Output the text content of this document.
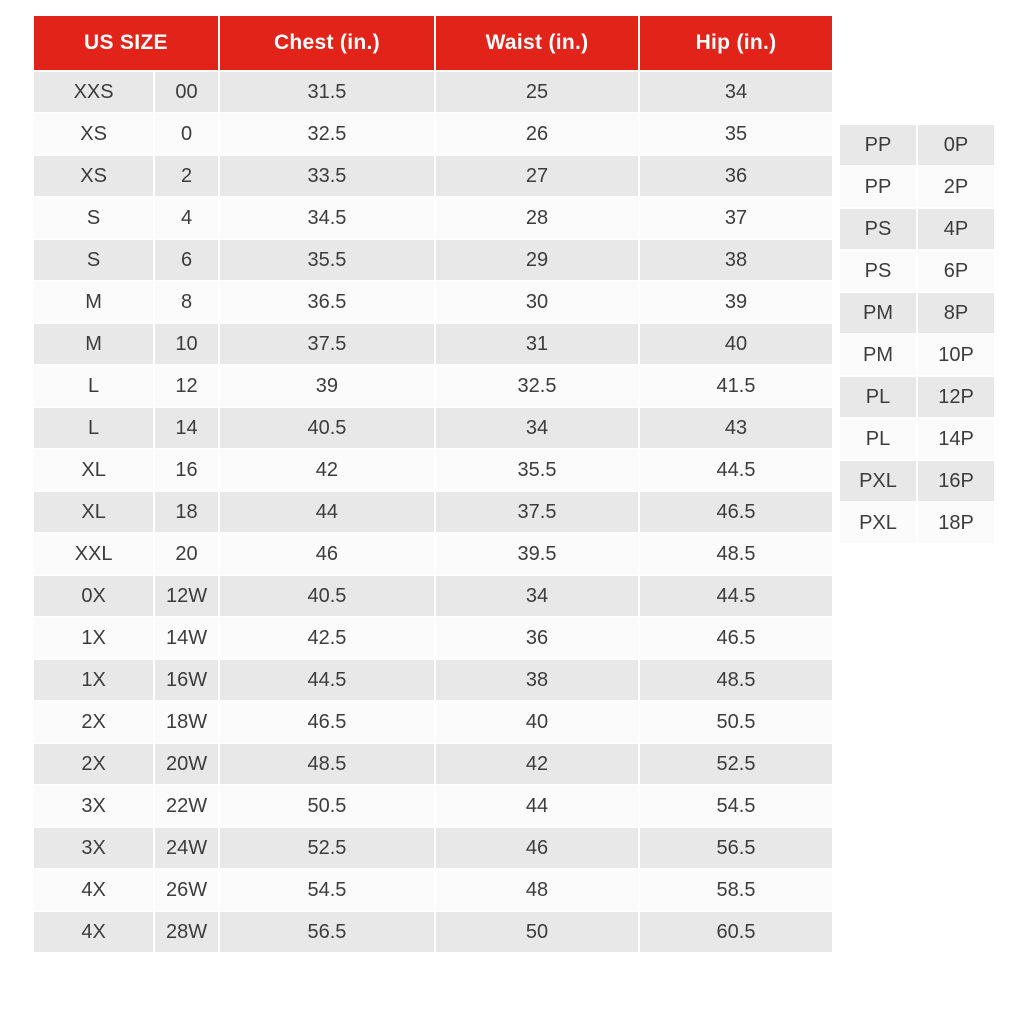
US SIZE		Chest (in.)	Waist (in.)	Hip (in.)
XXS	00	31.5	25	34
XS	0	32.5	26	35
XS	2	33.5	27	36
S	4	34.5	28	37
S	6	35.5	29	38
M	8	36.5	30	39
M	10	37.5	31	40
L	12	39	32.5	41.5
L	14	40.5	34	43
XL	16	42	35.5	44.5
XL	18	44	37.5	46.5
XXL	20	46	39.5	48.5
0X	12W	40.5	34	44.5
1X	14W	42.5	36	46.5
1X	16W	44.5	38	48.5
2X	18W	46.5	40	50.5
2X	20W	48.5	42	52.5
3X	22W	50.5	44	54.5
3X	24W	52.5	46	56.5
4X	26W	54.5	48	58.5
4X	28W	56.5	50	60.5
PP	0P
PP	2P
PS	4P
PS	6P
PM	8P
PM	10P
PL	12P
PL	14P
PXL	16P
PXL	18P
